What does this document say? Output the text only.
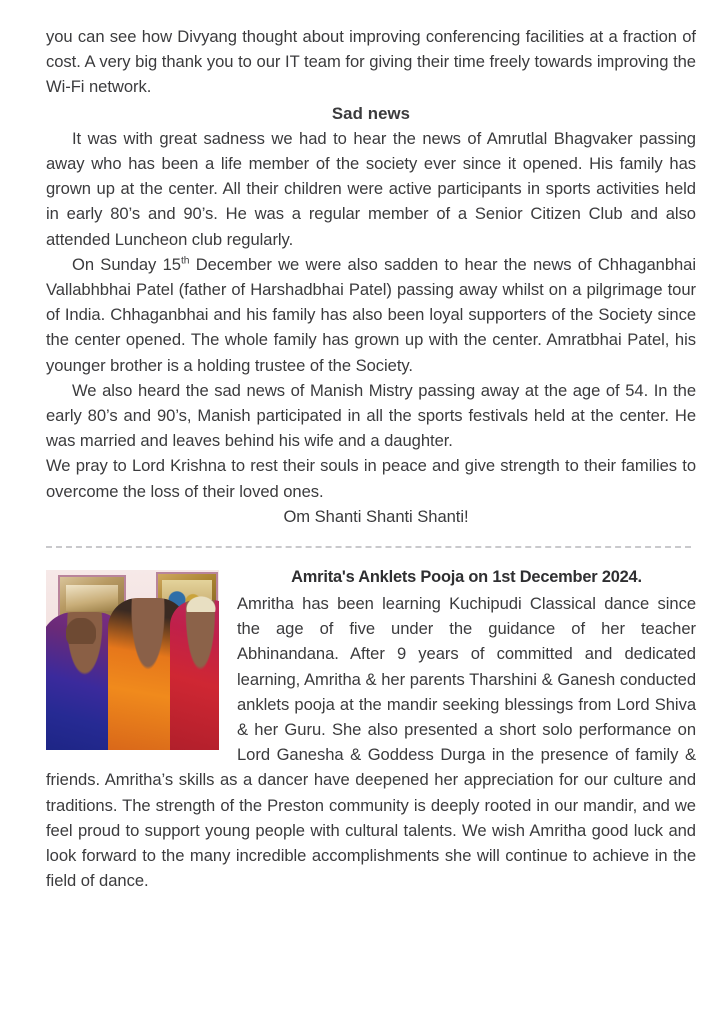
you can see how Divyang thought about improving conferencing facilities at a fraction of cost. A very big thank you to our IT team for giving their time freely towards improving the Wi-Fi network.

Sad news

It was with great sadness we had to hear the news of Amrutlal Bhagvaker passing away who has been a life member of the society ever since it opened. His family has grown up at the center. All their children were active participants in sports activities held in early 80’s and 90’s. He was a regular member of a Senior Citizen Club and also attended Luncheon club regularly.

On Sunday 15th December we were also sadden to hear the news of Chhaganbhai Vallabhbhai Patel (father of Harshadbhai Patel) passing away whilst on a pilgrimage tour of India. Chhaganbhai and his family has also been loyal supporters of the Society since the center opened. The whole family has grown up with the center. Amratbhai Patel, his younger brother is a holding trustee of the Society.

We also heard the sad news of Manish Mistry passing away at the age of 54. In the early 80’s and 90’s, Manish participated in all the sports festivals held at the center. He was married and leaves behind his wife and a daughter.

We pray to Lord Krishna to rest their souls in peace and give strength to their families to overcome the loss of their loved ones.

Om Shanti Shanti Shanti!
Amrita's Anklets Pooja on 1st December 2024.

Amritha has been learning Kuchipudi Classical dance since the age of five under the guidance of her teacher Abhinandana. After 9 years of committed and dedicated learning, Amritha & her parents Tharshini & Ganesh conducted anklets pooja at the mandir seeking blessings from Lord Shiva & her Guru. She also presented a short solo performance on Lord Ganesha & Goddess Durga in the presence of family & friends. Amritha’s skills as a dancer have deepened her appreciation for our culture and traditions. The strength of the Preston community is deeply rooted in our mandir, and we feel proud to support young people with cultural talents. We wish Amritha good luck and look forward to the many incredible accomplishments she will continue to achieve in the field of dance.
